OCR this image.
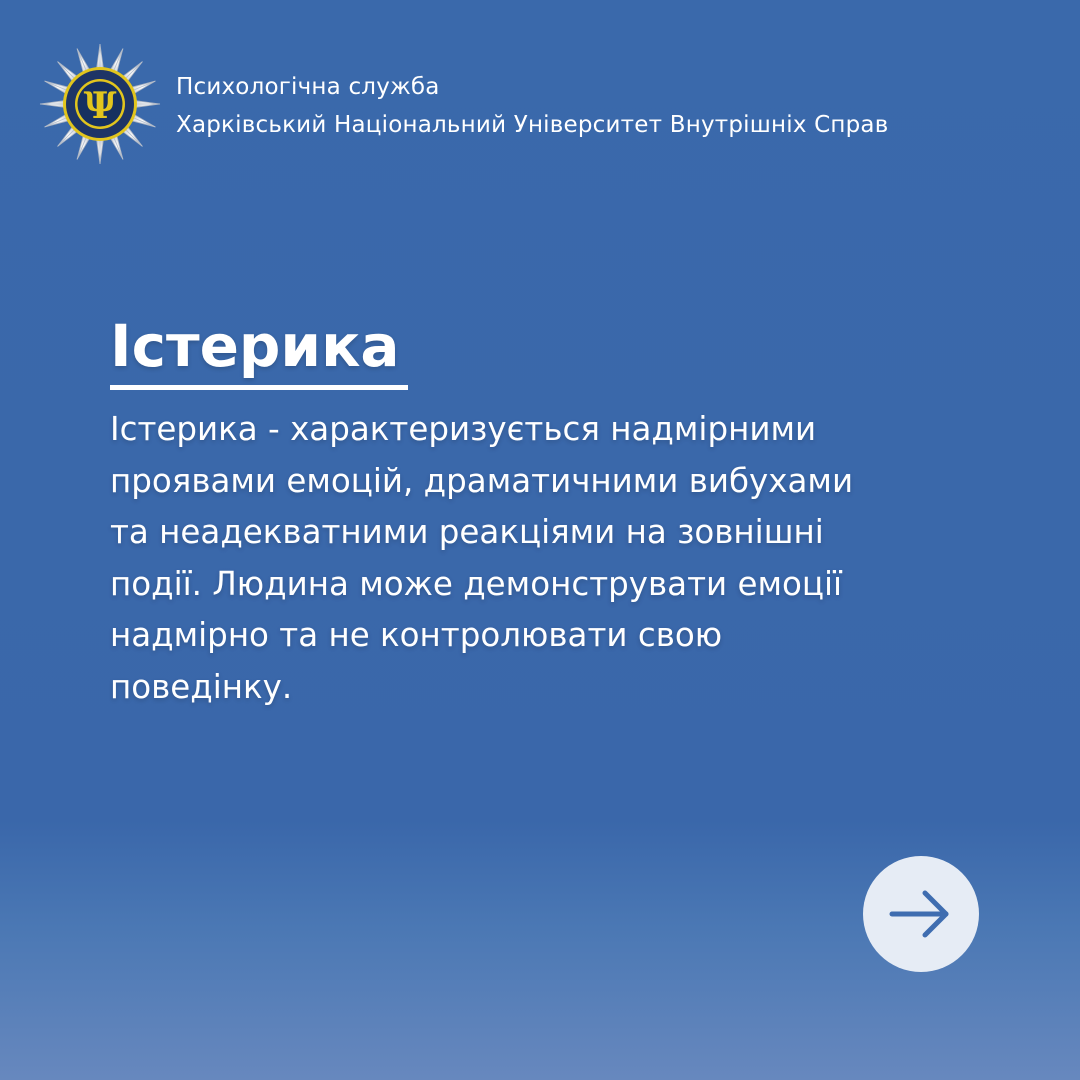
Ψ	Психологічна служба
Харківський Національний Університет Внутрішніх Справ
Істерика
Істерика - характеризується надмірними
проявами емоцій, драматичними вибухами
та неадекватними реакціями на зовнішні
події. Людина може демонструвати емоції
надмірно та не контролювати свою
поведінку.
